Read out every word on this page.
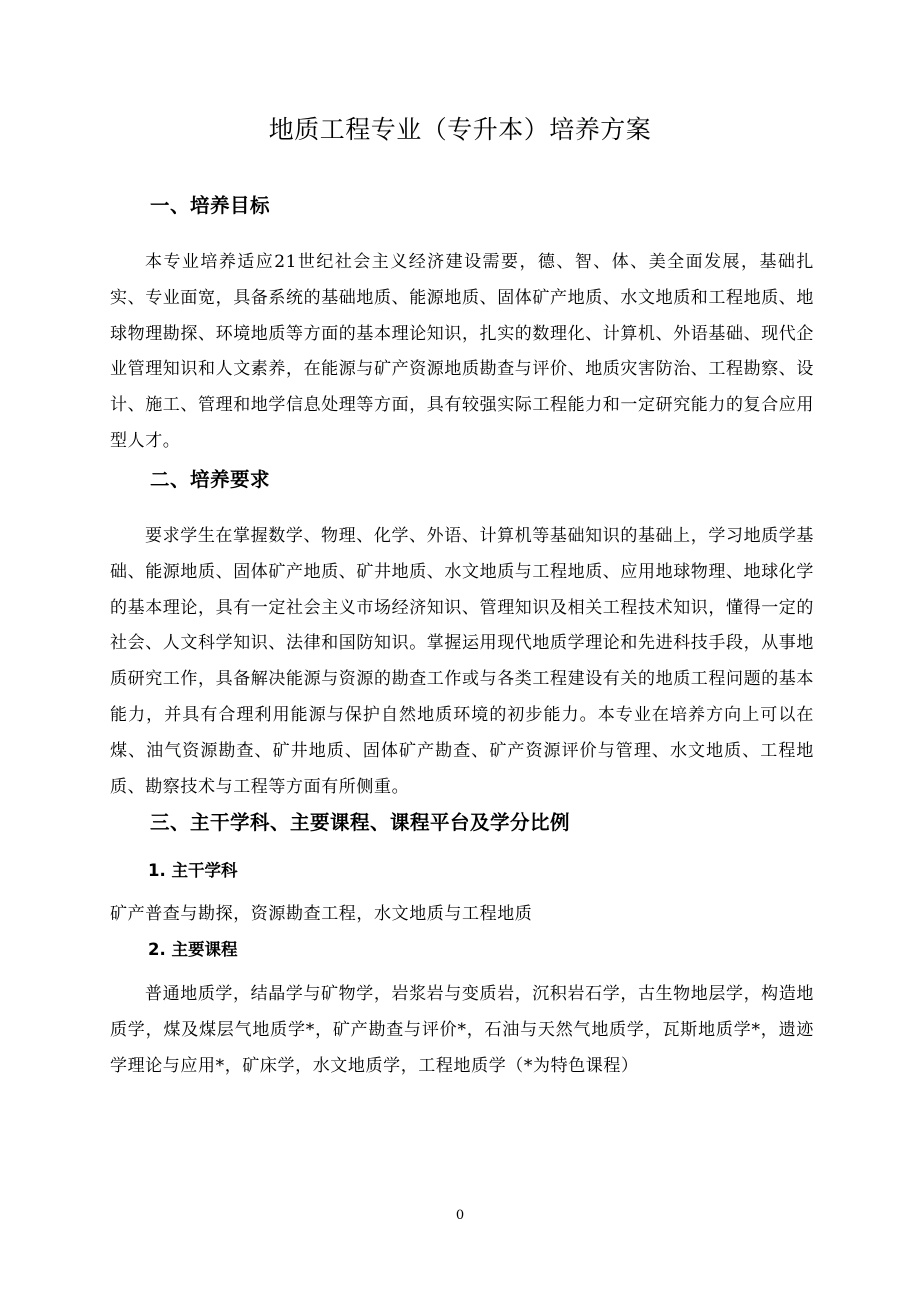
地质工程专业（专升本）培养方案
一、培养目标
本专业培养适应21世纪社会主义经济建设需要，德、智、体、美全面发展，基础扎实、专业面宽，具备系统的基础地质、能源地质、固体矿产地质、水文地质和工程地质、地球物理勘探、环境地质等方面的基本理论知识，扎实的数理化、计算机、外语基础、现代企业管理知识和人文素养，在能源与矿产资源地质勘查与评价、地质灾害防治、工程勘察、设计、施工、管理和地学信息处理等方面，具有较强实际工程能力和一定研究能力的复合应用型人才。
二、培养要求
要求学生在掌握数学、物理、化学、外语、计算机等基础知识的基础上，学习地质学基础、能源地质、固体矿产地质、矿井地质、水文地质与工程地质、应用地球物理、地球化学的基本理论，具有一定社会主义市场经济知识、管理知识及相关工程技术知识，懂得一定的社会、人文科学知识、法律和国防知识。掌握运用现代地质学理论和先进科技手段，从事地质研究工作，具备解决能源与资源的勘查工作或与各类工程建设有关的地质工程问题的基本能力，并具有合理利用能源与保护自然地质环境的初步能力。本专业在培养方向上可以在煤、油气资源勘查、矿井地质、固体矿产勘查、矿产资源评价与管理、水文地质、工程地质、勘察技术与工程等方面有所侧重。
三、主干学科、主要课程、课程平台及学分比例
1. 主干学科
矿产普查与勘探，资源勘查工程，水文地质与工程地质
2. 主要课程
普通地质学，结晶学与矿物学，岩浆岩与变质岩，沉积岩石学，古生物地层学，构造地质学，煤及煤层气地质学*，矿产勘查与评价*，石油与天然气地质学，瓦斯地质学*，遗迹学理论与应用*，矿床学，水文地质学，工程地质学（*为特色课程）
0
